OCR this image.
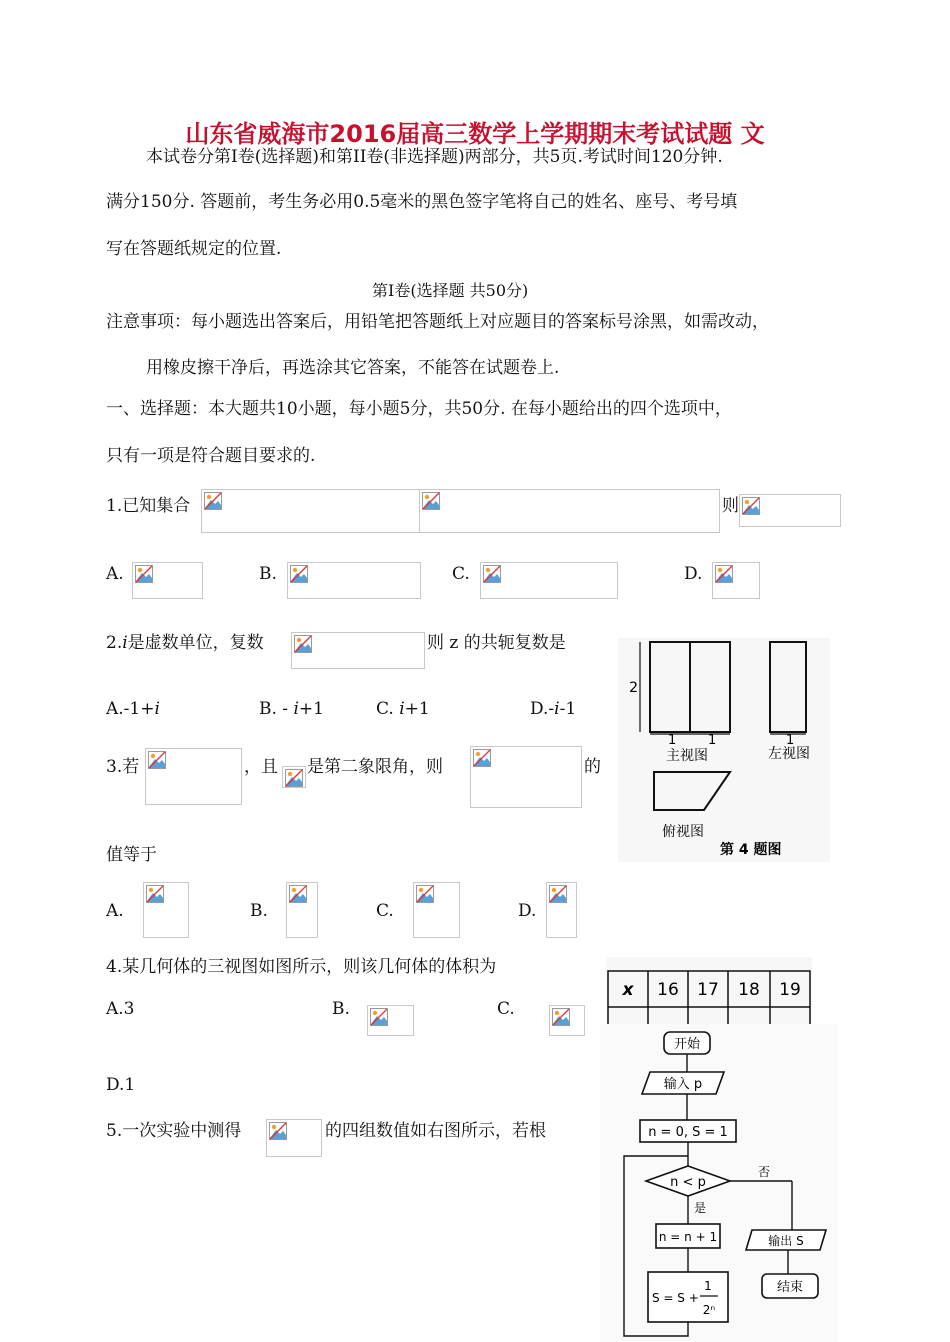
山东省威海市2016届高三数学上学期期末考试试题 文
本试卷分第Ⅰ卷(选择题)和第II卷(非选择题)两部分，共5页.考试时间120分钟.
满分150分. 答题前，考生务必用0.5毫米的黑色签字笔将自己的姓名、座号、考号填
写在答题纸规定的位置.
第Ⅰ卷(选择题 共50分)
注意事项：每小题选出答案后，用铅笔把答题纸上对应题目的答案标号涂黑，如需改动，
用橡皮擦干净后，再选涂其它答案，不能答在试题卷上.
一、选择题：本大题共10小题，每小题5分，共50分. 在每小题给出的四个选项中，
只有一项是符合题目要求的.
1.已知集合	则
A.	B.	C.	D.
2.i是虚数单位，复数	则 z 的共轭复数是
A.-1+i	B. - i+1	C. i+1	D.-i-1
3.若	，且 是第二象限角，则	的
值等于
A.	B.	C.	D.
4.某几何体的三视图如图所示，则该几何体的体积为
A.3	B.	C.
D.1
5.一次实验中测得	的四组数值如右图所示，若根
2
1 1	1
主视图	左视图
俯视图
第 4 题图
x 16 17 18 19
开始
输入 p
n = 0, S = 1
n < p
否
是
n = n + 1	输出 S
S = S +
1
2ⁿ
结束
